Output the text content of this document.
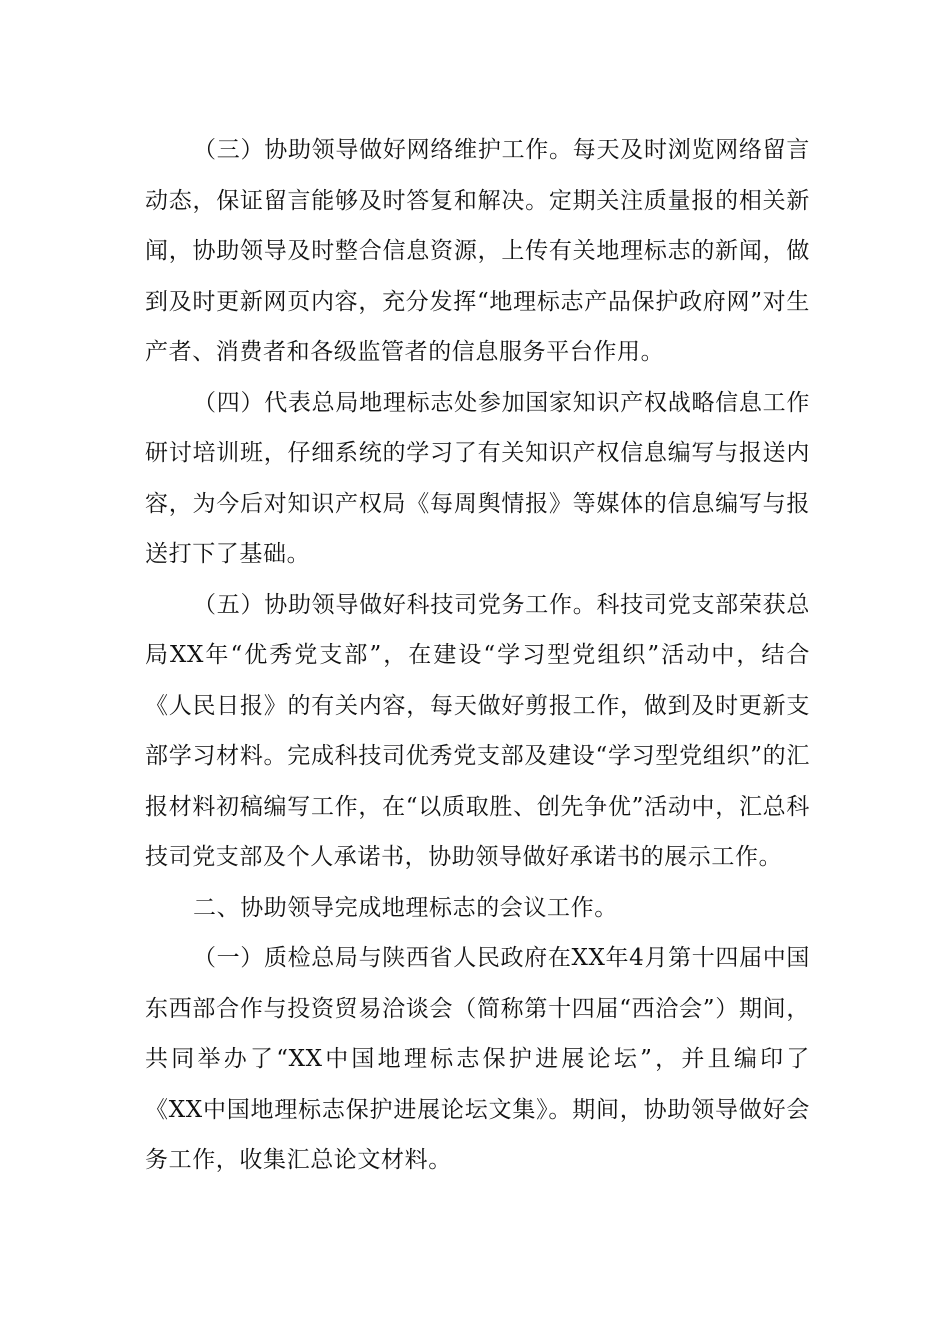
（三）协助领导做好网络维护工作。每天及时浏览网络留言动态，保证留言能够及时答复和解决。定期关注质量报的相关新闻，协助领导及时整合信息资源，上传有关地理标志的新闻，做到及时更新网页内容，充分发挥“地理标志产品保护政府网”对生产者、消费者和各级监管者的信息服务平台作用。

（四）代表总局地理标志处参加国家知识产权战略信息工作研讨培训班，仔细系统的学习了有关知识产权信息编写与报送内容，为今后对知识产权局《每周舆情报》等媒体的信息编写与报送打下了基础。

（五）协助领导做好科技司党务工作。科技司党支部荣获总局XX年“优秀党支部”，在建设“学习型党组织”活动中，结合《人民日报》的有关内容，每天做好剪报工作，做到及时更新支部学习材料。完成科技司优秀党支部及建设“学习型党组织”的汇报材料初稿编写工作，在“以质取胜、创先争优”活动中，汇总科技司党支部及个人承诺书，协助领导做好承诺书的展示工作。

二、协助领导完成地理标志的会议工作。

（一）质检总局与陕西省人民政府在XX年4月第十四届中国东西部合作与投资贸易洽谈会（简称第十四届“西洽会”）期间，共同举办了“XX中国地理标志保护进展论坛”，并且编印了 《XX中国地理标志保护进展论坛文集》。期间，协助领导做好会务工作，收集汇总论文材料。
